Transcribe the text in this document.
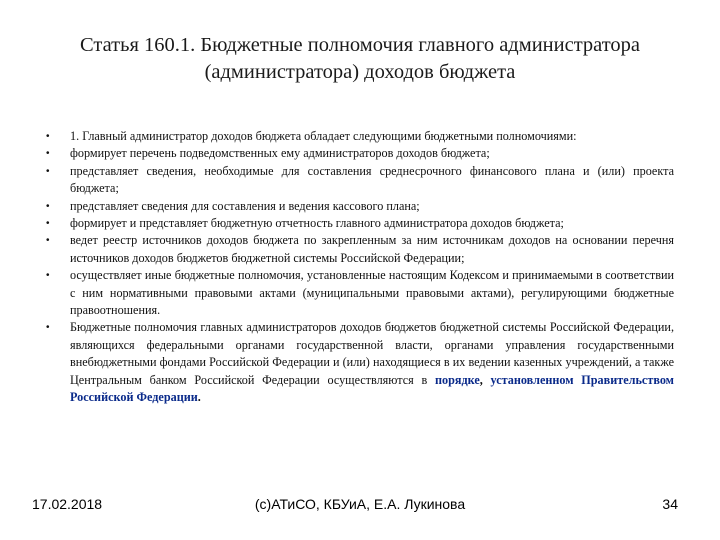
Статья 160.1. Бюджетные полномочия главного администратора
(администратора) доходов бюджета
• 1. Главный администратор доходов бюджета обладает следующими бюджетными полномочиями:
• формирует перечень подведомственных ему администраторов доходов бюджета;
• представляет сведения, необходимые для составления среднесрочного финансового плана и (или) проекта бюджета;
• представляет сведения для составления и ведения кассового плана;
• формирует и представляет бюджетную отчетность главного администратора доходов бюджета;
• ведет реестр источников доходов бюджета по закрепленным за ним источникам доходов на основании перечня источников доходов бюджетов бюджетной системы Российской Федерации;
• осуществляет иные бюджетные полномочия, установленные настоящим Кодексом и принимаемыми в соответствии с ним нормативными правовыми актами (муниципальными правовыми актами), регулирующими бюджетные правоотношения.
• Бюджетные полномочия главных администраторов доходов бюджетов бюджетной системы Российской Федерации, являющихся федеральными органами государственной власти, органами управления государственными внебюджетными фондами Российской Федерации и (или) находящиеся в их ведении казенных учреждений, а также Центральным банком Российской Федерации осуществляются в порядке, установленном Правительством Российской Федерации.
17.02.2018	(с)АТиСО, КБУиА, Е.А. Лукинова	34
